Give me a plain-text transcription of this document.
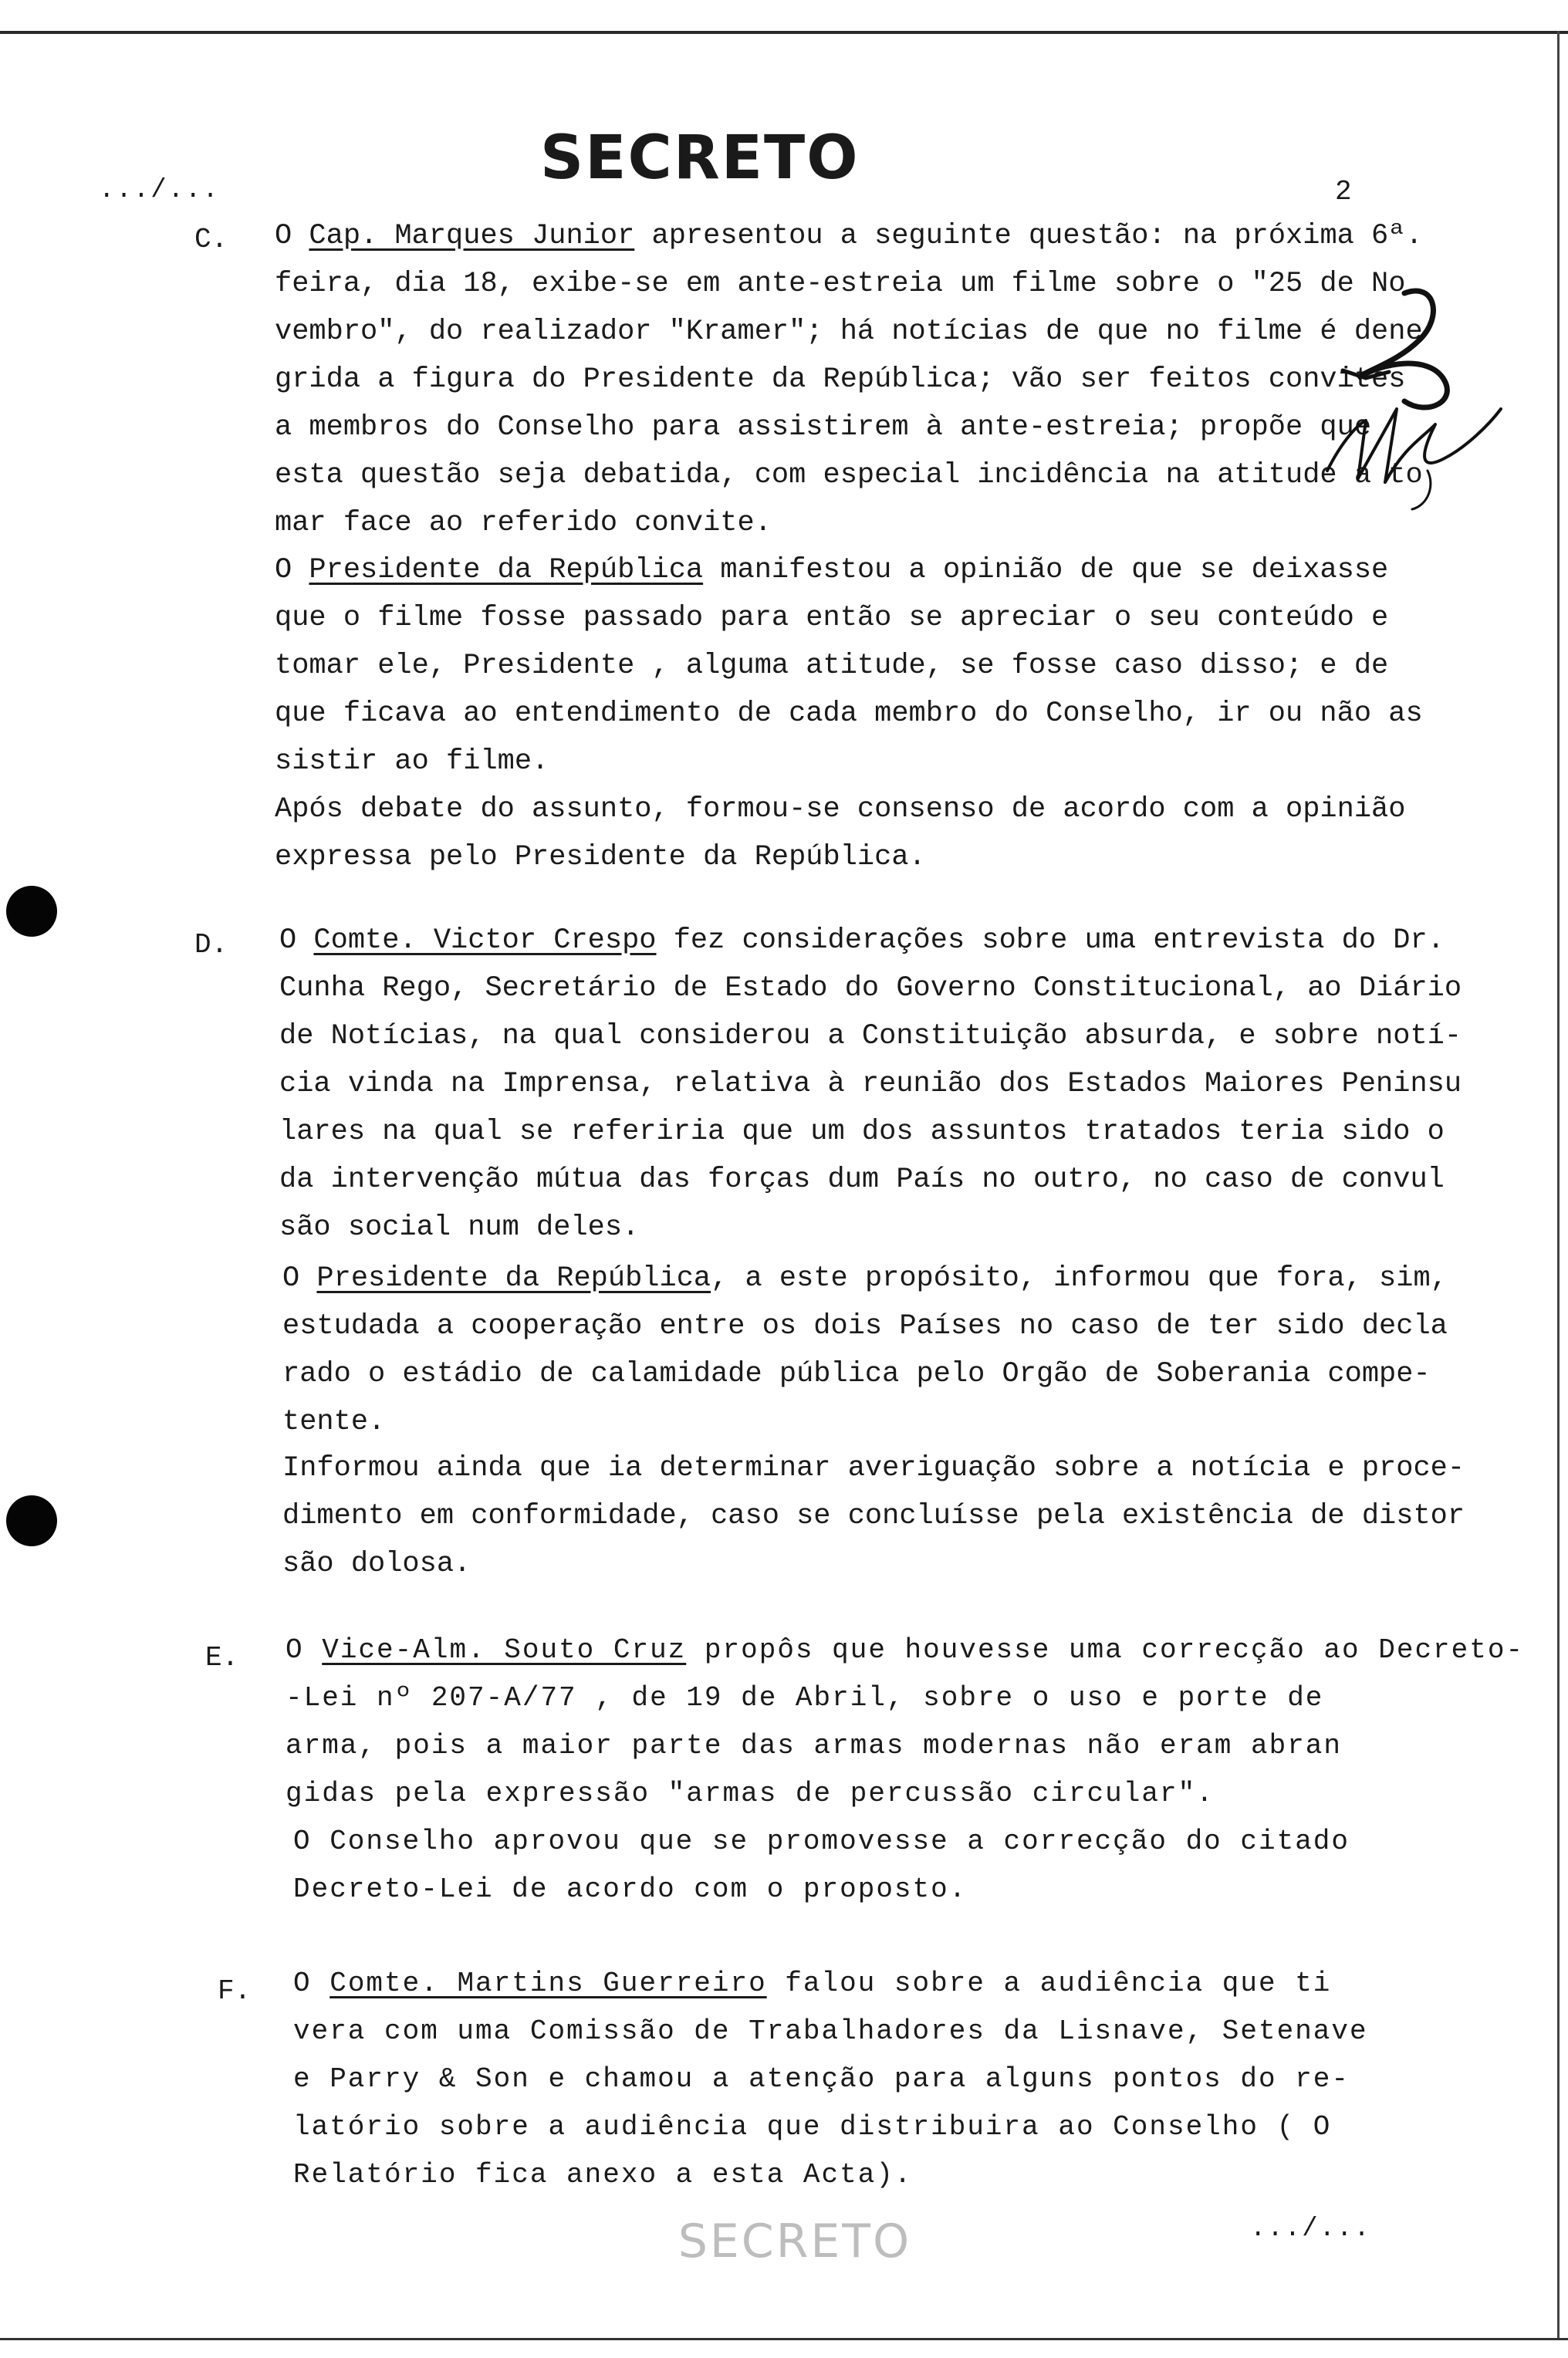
SECRETO
.../...	2
C. O Cap. Marques Junior apresentou a seguinte questão: na próxima 6ª.
feira, dia 18, exibe-se em ante-estreia um filme sobre o "25 de No
vembro", do realizador "Kramer"; há notícias de que no filme é dene
grida a figura do Presidente da República; vão ser feitos convites
a membros do Conselho para assistirem à ante-estreia; propõe que
esta questão seja debatida, com especial incidência na atitude a to
mar face ao referido convite.
O Presidente da República manifestou a opinião de que se deixasse
que o filme fosse passado para então se apreciar o seu conteúdo e
tomar ele, Presidente , alguma atitude, se fosse caso disso; e de
que ficava ao entendimento de cada membro do Conselho, ir ou não as
sistir ao filme.
Após debate do assunto, formou-se consenso de acordo com a opinião
expressa pelo Presidente da República.
D. O Comte. Victor Crespo fez considerações sobre uma entrevista do Dr.
Cunha Rego, Secretário de Estado do Governo Constitucional, ao Diário
de Notícias, na qual considerou a Constituição absurda, e sobre notí-
cia vinda na Imprensa, relativa à reunião dos Estados Maiores Peninsu
lares na qual se referiria que um dos assuntos tratados teria sido o
da intervenção mútua das forças dum País no outro, no caso de convul
são social num deles.
O Presidente da República, a este propósito, informou que fora, sim,
estudada a cooperação entre os dois Países no caso de ter sido decla
rado o estádio de calamidade pública pelo Orgão de Soberania compe-
tente.
Informou ainda que ia determinar averiguação sobre a notícia e proce-
dimento em conformidade, caso se concluísse pela existência de distor
são dolosa.
E. O Vice-Alm. Souto Cruz propôs que houvesse uma correcção ao Decreto-
-Lei nº 207-A/77 , de 19 de Abril, sobre o uso e porte de
arma, pois a maior parte das armas modernas não eram abran
gidas pela expressão "armas de percussão circular".
O Conselho aprovou que se promovesse a correcção do citado
Decreto-Lei de acordo com o proposto.
F. O Comte. Martins Guerreiro falou sobre a audiência que ti
vera com uma Comissão de Trabalhadores da Lisnave, Setenave
e Parry & Son e chamou a atenção para alguns pontos do re-
latório sobre a audiência que distribuira ao Conselho ( O
Relatório fica anexo a esta Acta).
SECRETO	.../...
